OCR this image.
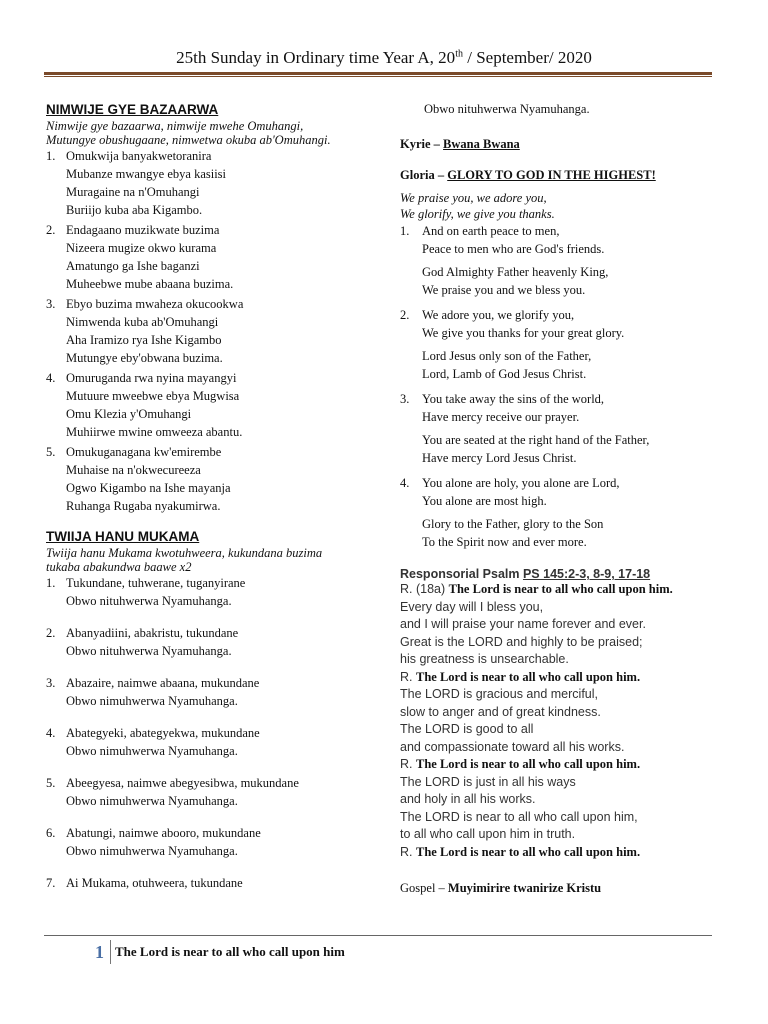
25th Sunday in Ordinary time Year A, 20th / September/ 2020
NIMWIJE GYE BAZAARWA
Nimwije gye bazaarwa, nimwije mwehe Omuhangi, Mutungye obushugaane, nimwetwa okuba ab'Omuhangi.
1. Omukwija banyakwetoranira
Mubanze mwangye ebya kasiisi
Muragaine na n'Omuhangi
Buriijo kuba aba Kigambo.
2. Endagaano muzikwate buzima
Nizeera mugize okwo kurama
Amatungo ga Ishe baganzi
Muheebwe mube abaana buzima.
3. Ebyo buzima mwaheza okucookwa
Nimwenda kuba ab'Omuhangi
Aha Iramizo rya Ishe Kigambo
Mutungye eby'obwana buzima.
4. Omuruganda rwa nyina mayangyi
Mutuure mweebwe ebya Mugwisa
Omu Klezia y'Omuhangi
Muhiirwe mwine omweeza abantu.
5. Omukuganagana kw'emirembe
Muhaise na n'okwecureeza
Ogwo Kigambo na Ishe mayanja
Ruhanga Rugaba nyakumirwa.
TWIIJA HANU MUKAMA
Twiija hanu Mukama kwotuhweera, kukundana buzima tukaba abakundwa baawe x2
1. Tukundane, tuhwerane, tuganyirane
Obwo nituhwerwa Nyamuhanga.
2. Abanyadiini, abakristu, tukundane
Obwo nituhwerwa Nyamuhanga.
3. Abazaire, naimwe abaana, mukundane
Obwo nimuhwerwa Nyamuhanga.
4. Abategyeki, abategyekwa, mukundane
Obwo nimuhwerwa Nyamuhanga.
5. Abeegyesa, naimwe abegyesibwa, mukundane
Obwo nimuhwerwa Nyamuhanga.
6. Abatungi, naimwe abooro, mukundane
Obwo nimuhwerwa Nyamuhanga.
7. Ai Mukama, otuhweera, tukundane
Obwo nituhwerwa Nyamuhanga.
Kyrie – Bwana Bwana
Gloria – GLORY TO GOD IN THE HIGHEST!
We praise you, we adore you,
We glorify, we give you thanks.
1.	And on earth peace to men,
Peace to men who are God's friends.
God Almighty Father heavenly King,
We praise you and we bless you.
2.	We adore you, we glorify you,
We give you thanks for your great glory.
Lord Jesus only son of the Father,
Lord, Lamb of God Jesus Christ.
3.	You take away the sins of the world,
Have mercy receive our prayer.
You are seated at the right hand of the Father,
Have mercy Lord Jesus Christ.
4.	You alone are holy, you alone are Lord,
You alone are most high.
Glory to the Father, glory to the Son
To the Spirit now and ever more.
Responsorial Psalm PS 145:2-3, 8-9, 17-18
R. (18a) The Lord is near to all who call upon him.
Every day will I bless you,
and I will praise your name forever and ever.
Great is the LORD and highly to be praised;
his greatness is unsearchable.
R. The Lord is near to all who call upon him.
The LORD is gracious and merciful,
slow to anger and of great kindness.
The LORD is good to all
and compassionate toward all his works.
R. The Lord is near to all who call upon him.
The LORD is just in all his ways
and holy in all his works.
The LORD is near to all who call upon him,
to all who call upon him in truth.
R. The Lord is near to all who call upon him.
Gospel – Muyimirire twanirize Kristu
1 The Lord is near to all who call upon him
